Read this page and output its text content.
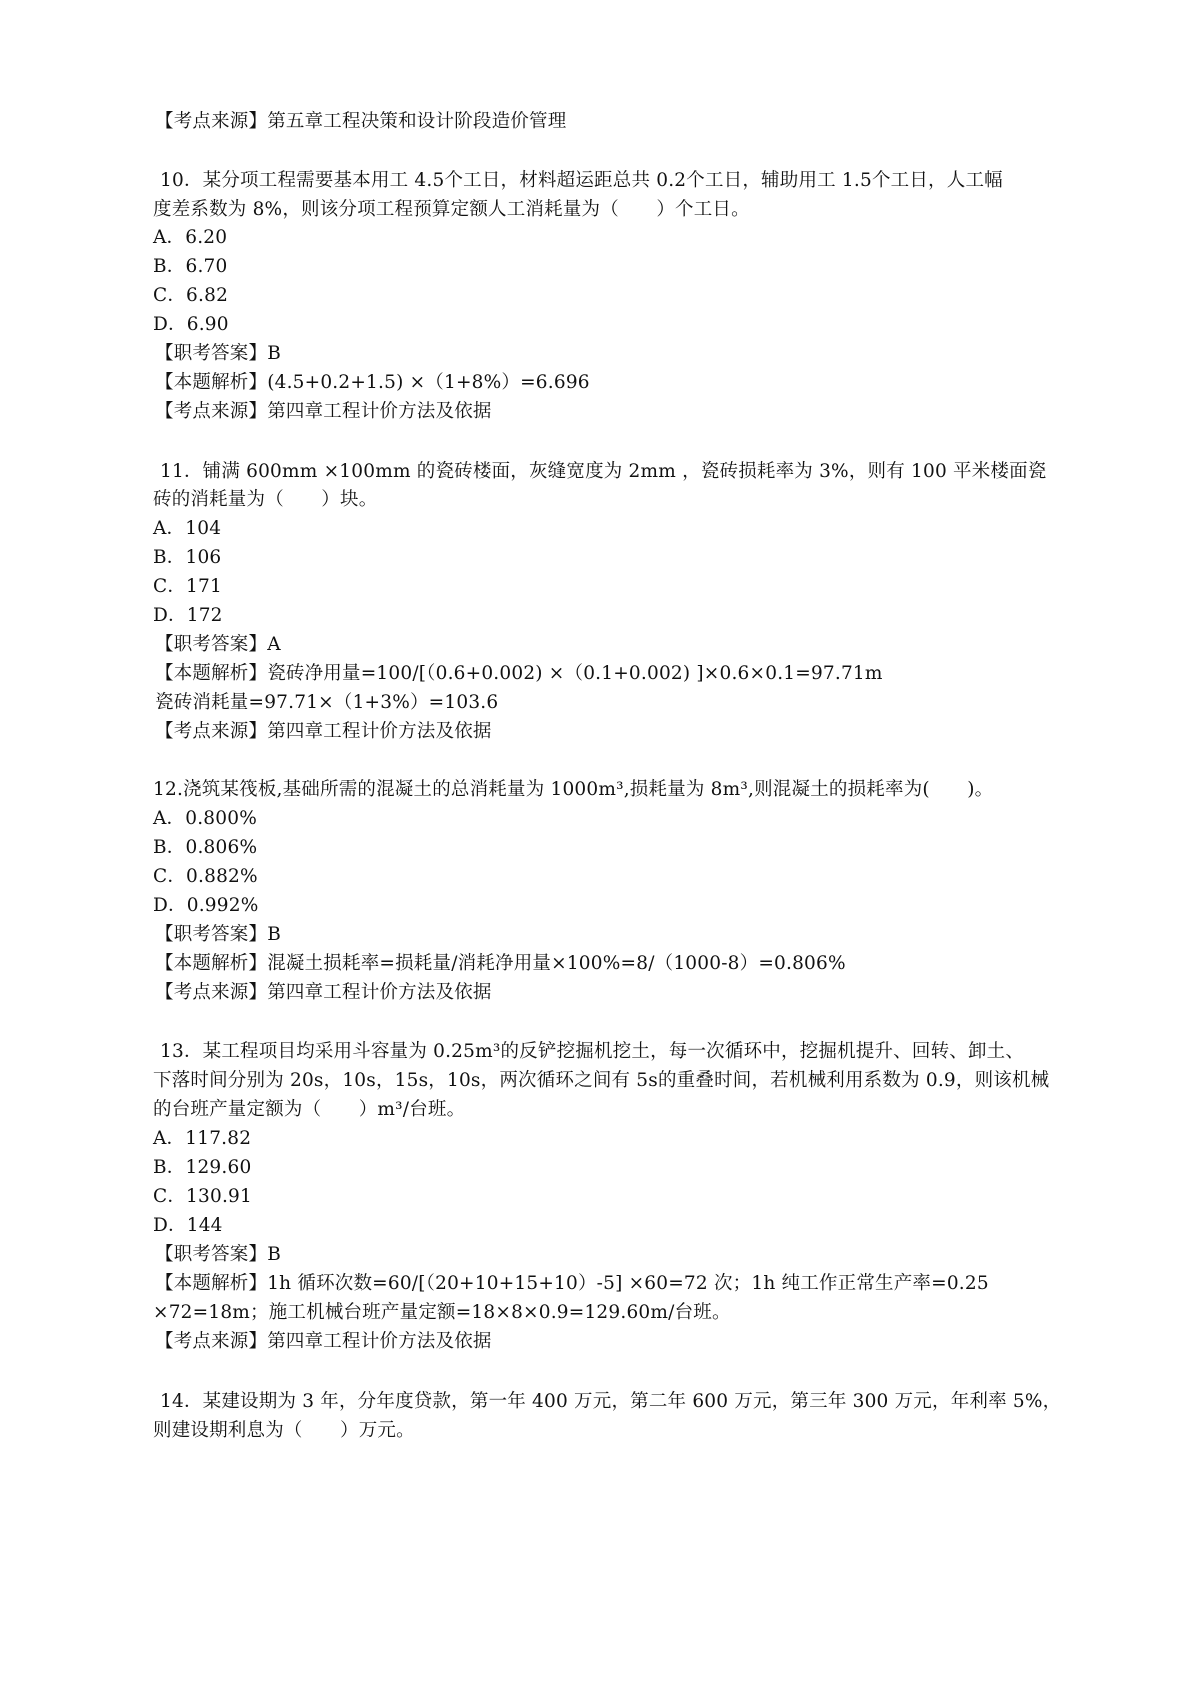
【考点来源】第五章工程决策和设计阶段造价管理
10．某分项工程需要基本用工 4.5个工日，材料超运距总共 0.2个工日，辅助用工 1.5个工日，人工幅
度差系数为 8%，则该分项工程预算定额人工消耗量为（　　）个工日。
A．6.20
B．6.70
C．6.82
D．6.90
【职考答案】B
【本题解析】(4.5+0.2+1.5) ×（1+8%）=6.696
【考点来源】第四章工程计价方法及依据
11．铺满 600mm ×100mm 的瓷砖楼面，灰缝宽度为 2mm ，瓷砖损耗率为 3%，则有 100 平米楼面瓷
砖的消耗量为（　　）块。
A．104
B．106
C．171
D．172
【职考答案】A
【本题解析】瓷砖净用量=100/[（0.6+0.002) ×（0.1+0.002) ]×0.6×0.1=97.71m
瓷砖消耗量=97.71×（1+3%）=103.6
【考点来源】第四章工程计价方法及依据
12.浇筑某筏板,基础所需的混凝土的总消耗量为 1000m³,损耗量为 8m³,则混凝土的损耗率为(　　)。
A．0.800%
B．0.806%
C．0.882%
D．0.992%
【职考答案】B
【本题解析】混凝土损耗率=损耗量/消耗净用量×100%=8/（1000-8）=0.806%
【考点来源】第四章工程计价方法及依据
13．某工程项目均采用斗容量为 0.25m³的反铲挖掘机挖土，每一次循环中，挖掘机提升、回转、卸土、
下落时间分别为 20s，10s，15s，10s，两次循环之间有 5s的重叠时间，若机械利用系数为 0.9，则该机械
的台班产量定额为（　　）m³/台班。
A．117.82
B．129.60
C．130.91
D．144
【职考答案】B
【本题解析】1h 循环次数=60/[（20+10+15+10）-5] ×60=72 次；1h 纯工作正常生产率=0.25
×72=18m；施工机械台班产量定额=18×8×0.9=129.60m/台班。
【考点来源】第四章工程计价方法及依据
14．某建设期为 3 年，分年度贷款，第一年 400 万元，第二年 600 万元，第三年 300 万元，年利率 5%，
则建设期利息为（　　）万元。
